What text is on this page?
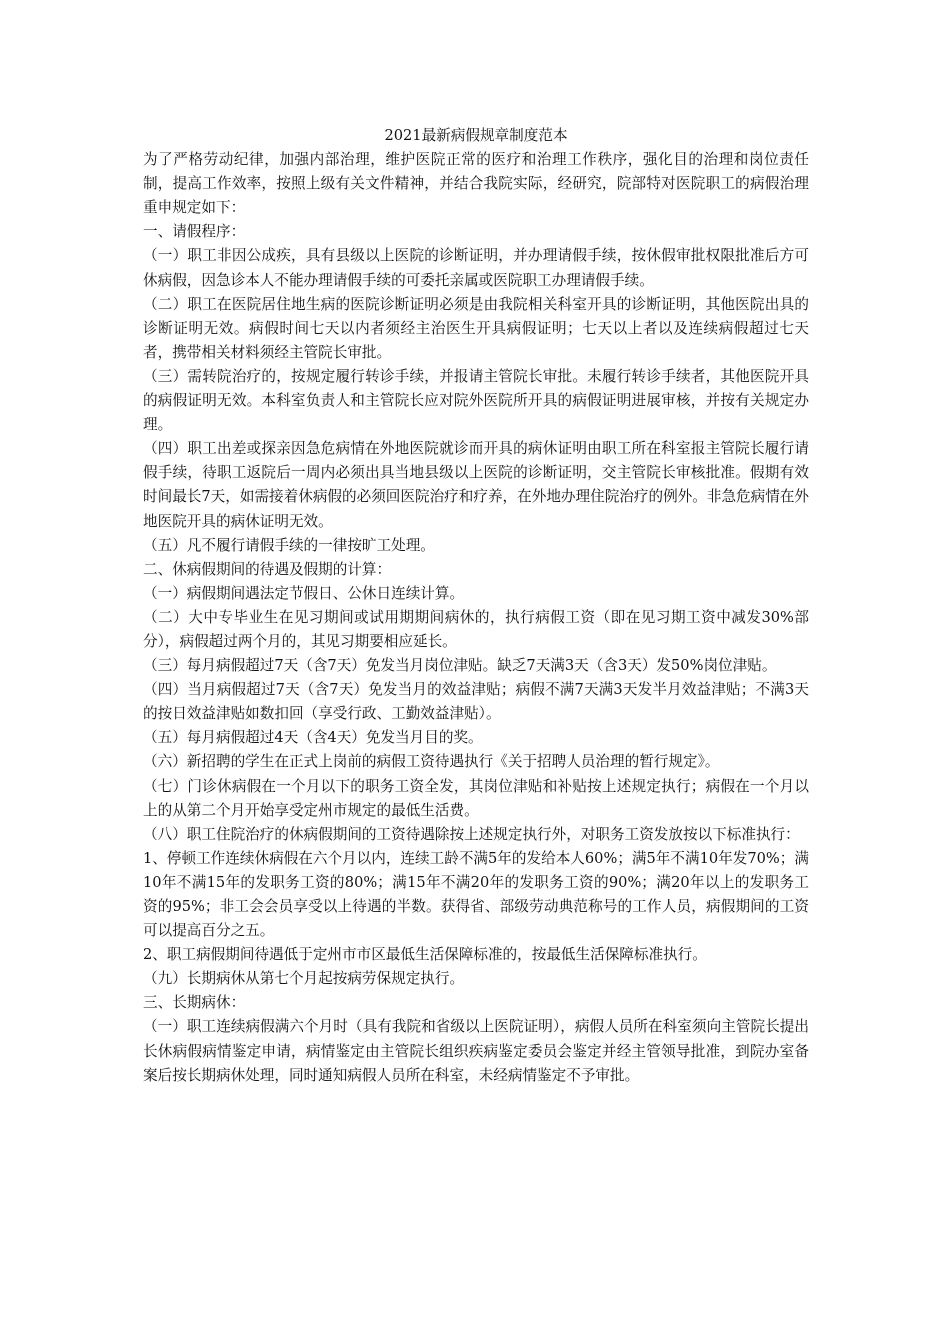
2021最新病假规章制度范本

为了严格劳动纪律，加强内部治理，维护医院正常的医疗和治理工作秩序，强化目的治理和岗位责任制，提高工作效率，按照上级有关文件精神，并结合我院实际，经研究，院部特对医院职工的病假治理重申规定如下：

一、请假程序：

（一）职工非因公成疾，具有县级以上医院的诊断证明，并办理请假手续，按休假审批权限批准后方可休病假，因急诊本人不能办理请假手续的可委托亲属或医院职工办理请假手续。

（二）职工在医院居住地生病的医院诊断证明必须是由我院相关科室开具的诊断证明，其他医院出具的诊断证明无效。病假时间七天以内者须经主治医生开具病假证明；七天以上者以及连续病假超过七天者，携带相关材料须经主管院长审批。

（三）需转院治疗的，按规定履行转诊手续，并报请主管院长审批。未履行转诊手续者，其他医院开具的病假证明无效。本科室负责人和主管院长应对院外医院所开具的病假证明进展审核，并按有关规定办理。

（四）职工出差或探亲因急危病情在外地医院就诊而开具的病休证明由职工所在科室报主管院长履行请假手续，待职工返院后一周内必须出具当地县级以上医院的诊断证明，交主管院长审核批准。假期有效时间最长7天，如需接着休病假的必须回医院治疗和疗养，在外地办理住院治疗的例外。非急危病情在外地医院开具的病休证明无效。

（五）凡不履行请假手续的一律按旷工处理。

二、休病假期间的待遇及假期的计算：

（一）病假期间遇法定节假日、公休日连续计算。

（二）大中专毕业生在见习期间或试用期期间病休的，执行病假工资（即在见习期工资中减发30%部分），病假超过两个月的，其见习期要相应延长。

（三）每月病假超过7天（含7天）免发当月岗位津贴。缺乏7天满3天（含3天）发50%岗位津贴。

（四）当月病假超过7天（含7天）免发当月的效益津贴；病假不满7天满3天发半月效益津贴；不满3天的按日效益津贴如数扣回（享受行政、工勤效益津贴）。

（五）每月病假超过4天（含4天）免发当月目的奖。

（六）新招聘的学生在正式上岗前的病假工资待遇执行《关于招聘人员治理的暂行规定》。

（七）门诊休病假在一个月以下的职务工资全发，其岗位津贴和补贴按上述规定执行；病假在一个月以上的从第二个月开始享受定州市规定的最低生活费。

（八）职工住院治疗的休病假期间的工资待遇除按上述规定执行外，对职务工资发放按以下标准执行：

1、停顿工作连续休病假在六个月以内，连续工龄不满5年的发给本人60%；满5年不满10年发70%；满10年不满15年的发职务工资的80%；满15年不满20年的发职务工资的90%；满20年以上的发职务工资的95%；非工会会员享受以上待遇的半数。获得省、部级劳动典范称号的工作人员，病假期间的工资可以提高百分之五。

2、职工病假期间待遇低于定州市市区最低生活保障标准的，按最低生活保障标准执行。

（九）长期病休从第七个月起按病劳保规定执行。

三、长期病休：

（一）职工连续病假满六个月时（具有我院和省级以上医院证明），病假人员所在科室须向主管院长提出长休病假病情鉴定申请，病情鉴定由主管院长组织疾病鉴定委员会鉴定并经主管领导批准，到院办室备案后按长期病休处理，同时通知病假人员所在科室，未经病情鉴定不予审批。
